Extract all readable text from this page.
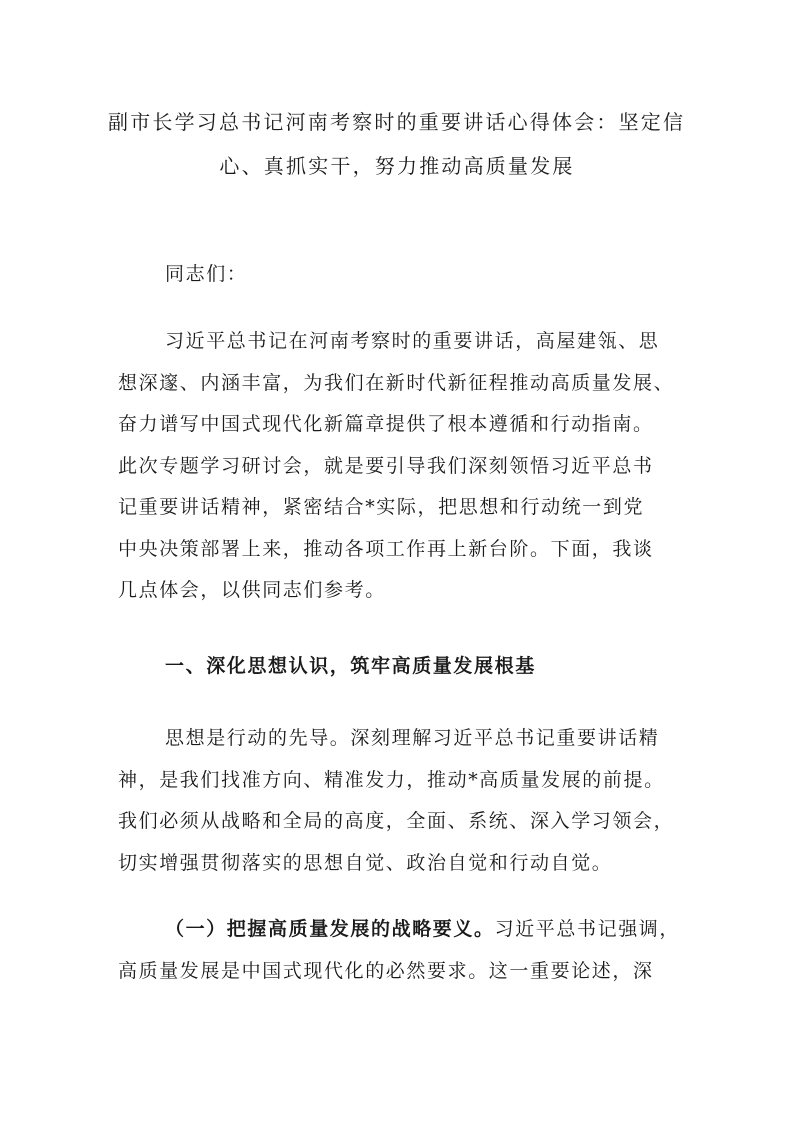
副市长学习总书记河南考察时的重要讲话心得体会：坚定信
心、真抓实干，努力推动高质量发展

同志们：

习近平总书记在河南考察时的重要讲话，高屋建瓴、思
想深邃、内涵丰富，为我们在新时代新征程推动高质量发展、
奋力谱写中国式现代化新篇章提供了根本遵循和行动指南。
此次专题学习研讨会，就是要引导我们深刻领悟习近平总书
记重要讲话精神，紧密结合*实际，把思想和行动统一到党
中央决策部署上来，推动各项工作再上新台阶。下面，我谈
几点体会，以供同志们参考。

一、深化思想认识，筑牢高质量发展根基

思想是行动的先导。深刻理解习近平总书记重要讲话精
神，是我们找准方向、精准发力，推动*高质量发展的前提。
我们必须从战略和全局的高度，全面、系统、深入学习领会，
切实增强贯彻落实的思想自觉、政治自觉和行动自觉。

（一）把握高质量发展的战略要义。习近平总书记强调，
高质量发展是中国式现代化的必然要求。这一重要论述，深
